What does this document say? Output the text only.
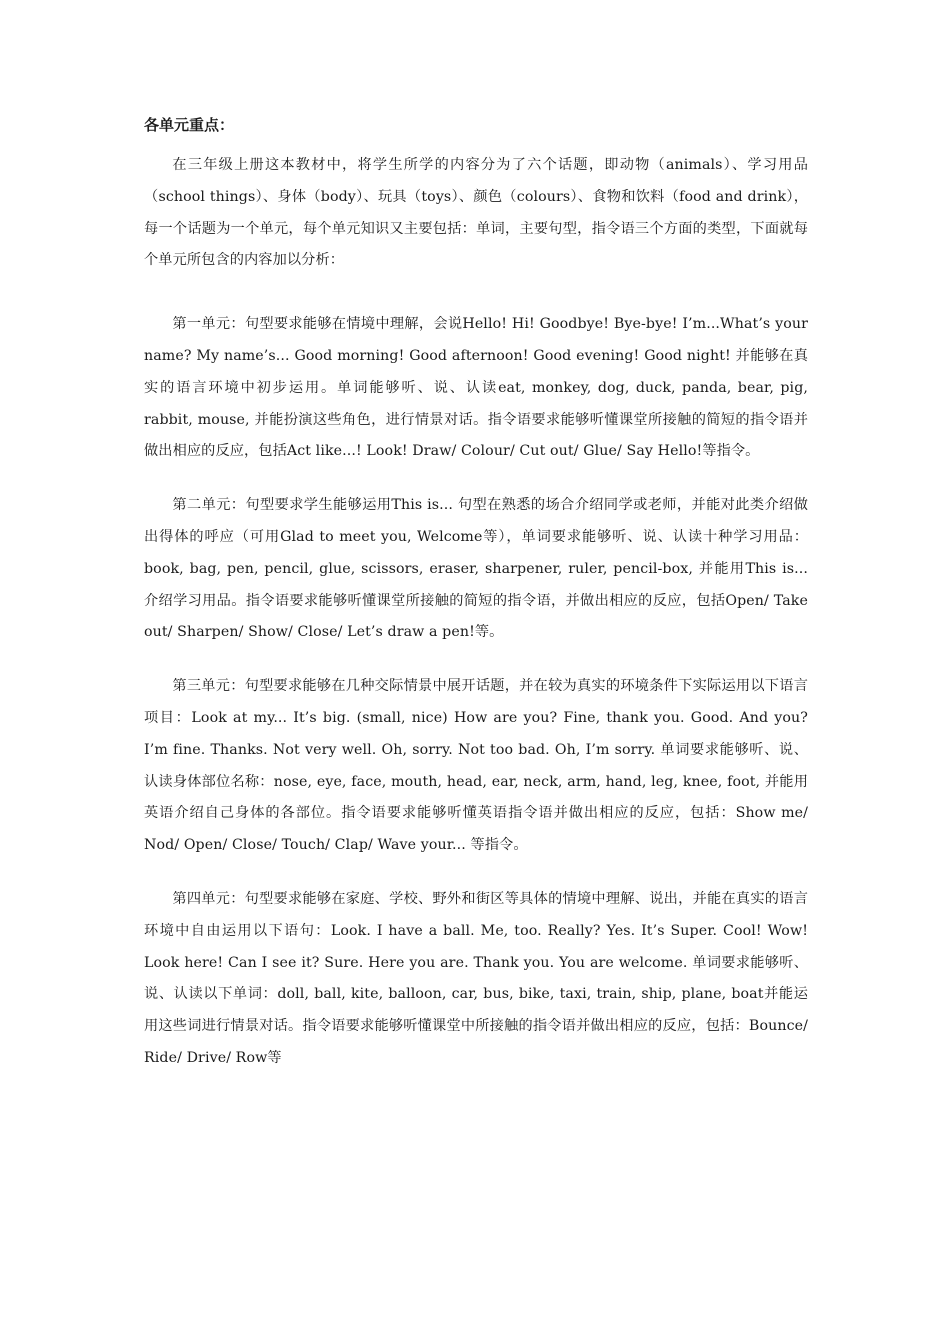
各单元重点：

在三年级上册这本教材中，将学生所学的内容分为了六个话题，即动物（animals）、学习用品（school things）、身体（body）、玩具（toys）、颜色（colours）、食物和饮料（food and drink），每一个话题为一个单元，每个单元知识又主要包括：单词，主要句型，指令语三个方面的类型，下面就每个单元所包含的内容加以分析：

第一单元：句型要求能够在情境中理解，会说Hello! Hi! Goodbye! Bye-bye! I’m...What’s your name? My name’s... Good morning! Good afternoon! Good evening! Good night! 并能够在真实的语言环境中初步运用。单词能够听、说、认读eat, monkey, dog, duck, panda, bear, pig, rabbit, mouse, 并能扮演这些角色，进行情景对话。指令语要求能够听懂课堂所接触的简短的指令语并做出相应的反应，包括Act like...! Look! Draw/ Colour/ Cut out/ Glue/ Say Hello!等指令。

第二单元：句型要求学生能够运用This is... 句型在熟悉的场合介绍同学或老师，并能对此类介绍做出得体的呼应（可用Glad to meet you, Welcome等），单词要求能够听、说、认读十种学习用品：book, bag, pen, pencil, glue, scissors, eraser, sharpener, ruler, pencil-box, 并能用This is... 介绍学习用品。指令语要求能够听懂课堂所接触的简短的指令语，并做出相应的反应，包括Open/ Take out/ Sharpen/ Show/ Close/ Let’s draw a pen!等。

第三单元：句型要求能够在几种交际情景中展开话题，并在较为真实的环境条件下实际运用以下语言项目：Look at my... It’s big. (small, nice) How are you? Fine, thank you. Good. And you? I’m fine. Thanks. Not very well. Oh, sorry. Not too bad. Oh, I’m sorry. 单词要求能够听、说、认读身体部位名称：nose, eye, face, mouth, head, ear, neck, arm, hand, leg, knee, foot, 并能用英语介绍自己身体的各部位。指令语要求能够听懂英语指令语并做出相应的反应，包括：Show me/ Nod/ Open/ Close/ Touch/ Clap/ Wave your... 等指令。

第四单元：句型要求能够在家庭、学校、野外和街区等具体的情境中理解、说出，并能在真实的语言环境中自由运用以下语句：Look. I have a ball. Me, too. Really? Yes. It’s Super. Cool! Wow! Look here! Can I see it? Sure. Here you are. Thank you. You are welcome. 单词要求能够听、说、认读以下单词：doll, ball, kite, balloon, car, bus, bike, taxi, train, ship, plane, boat并能运用这些词进行情景对话。指令语要求能够听懂课堂中所接触的指令语并做出相应的反应，包括：Bounce/ Ride/ Drive/ Row等
